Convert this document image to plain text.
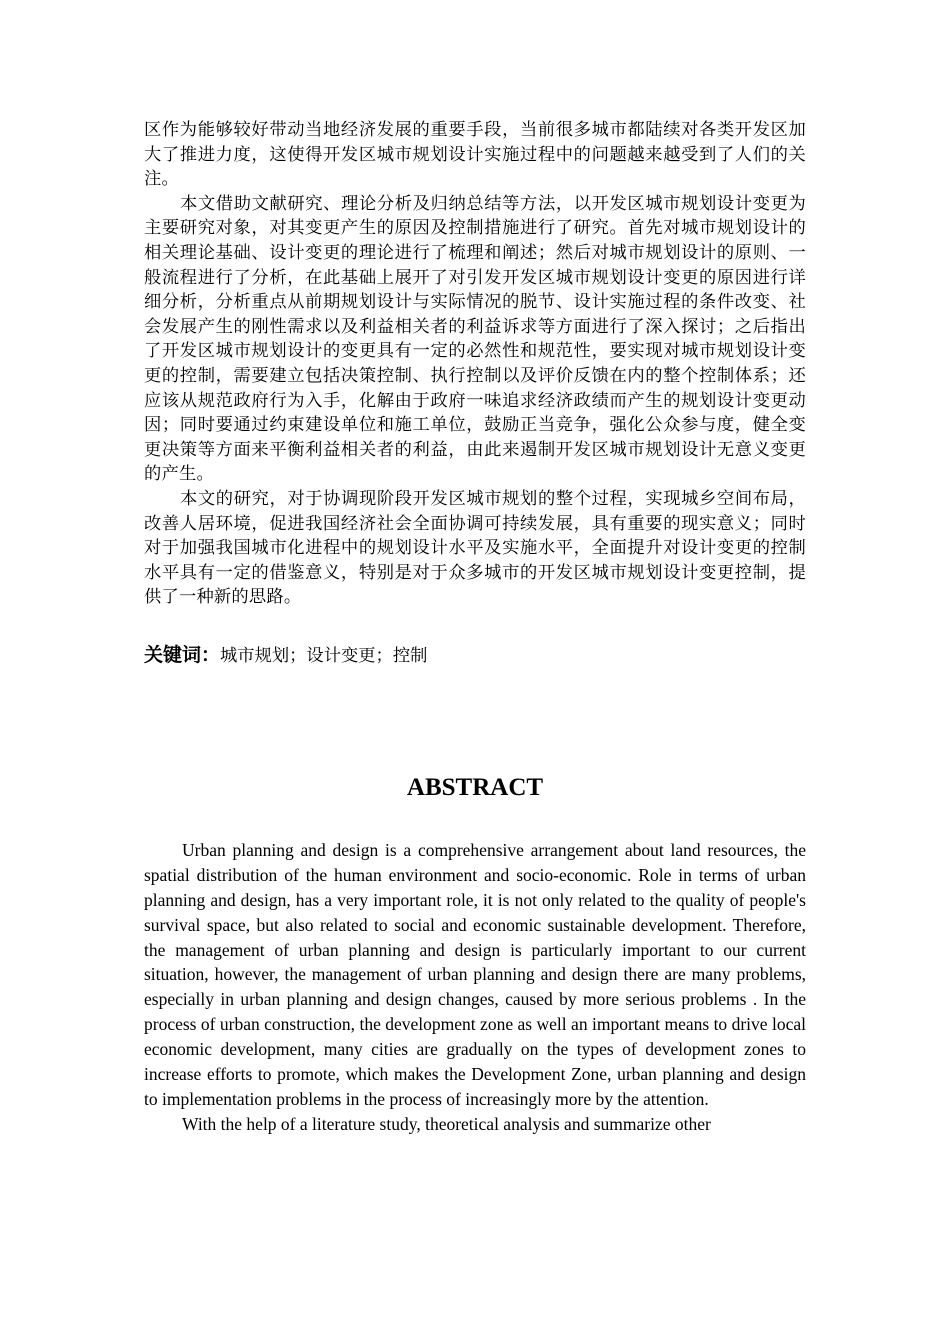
区作为能够较好带动当地经济发展的重要手段，当前很多城市都陆续对各类开发区加大了推进力度，这使得开发区城市规划设计实施过程中的问题越来越受到了人们的关注。

本文借助文献研究、理论分析及归纳总结等方法，以开发区城市规划设计变更为主要研究对象，对其变更产生的原因及控制措施进行了研究。首先对城市规划设计的相关理论基础、设计变更的理论进行了梳理和阐述；然后对城市规划设计的原则、一般流程进行了分析，在此基础上展开了对引发开发区城市规划设计变更的原因进行详细分析，分析重点从前期规划设计与实际情况的脱节、设计实施过程的条件改变、社会发展产生的刚性需求以及利益相关者的利益诉求等方面进行了深入探讨；之后指出了开发区城市规划设计的变更具有一定的必然性和规范性，要实现对城市规划设计变更的控制，需要建立包括决策控制、执行控制以及评价反馈在内的整个控制体系；还应该从规范政府行为入手，化解由于政府一味追求经济政绩而产生的规划设计变更动因；同时要通过约束建设单位和施工单位，鼓励正当竞争，强化公众参与度，健全变更决策等方面来平衡利益相关者的利益，由此来遏制开发区城市规划设计无意义变更的产生。

本文的研究，对于协调现阶段开发区城市规划的整个过程，实现城乡空间布局，改善人居环境，促进我国经济社会全面协调可持续发展，具有重要的现实意义；同时对于加强我国城市化进程中的规划设计水平及实施水平，全面提升对设计变更的控制水平具有一定的借鉴意义，特别是对于众多城市的开发区城市规划设计变更控制，提供了一种新的思路。

关键词：城市规划；设计变更；控制

ABSTRACT

Urban planning and design is a comprehensive arrangement about land resources, the spatial distribution of the human environment and socio-economic. Role in terms of urban planning and design, has a very important role, it is not only related to the quality of people's survival space, but also related to social and economic sustainable development. Therefore, the management of urban planning and design is particularly important to our current situation, however, the management of urban planning and design there are many problems, especially in urban planning and design changes, caused by more serious problems . In the process of urban construction, the development zone as well an important means to drive local economic development, many cities are gradually on the types of development zones to increase efforts to promote, which makes the Development Zone, urban planning and design to implementation problems in the process of increasingly more by the attention.

With the help of a literature study, theoretical analysis and summarize other
